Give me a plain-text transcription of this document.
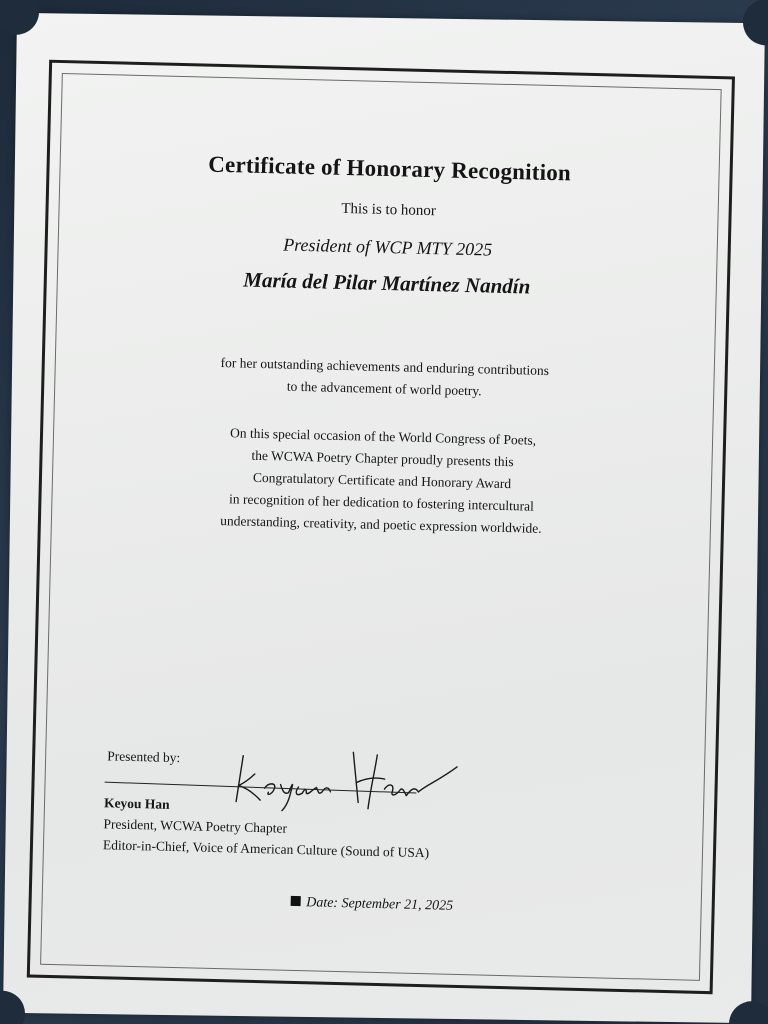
Certificate of Honorary Recognition
This is to honor
President of WCP MTY 2025
María del Pilar Martínez Nandín
for her outstanding achievements and enduring contributions
to the advancement of world poetry.
On this special occasion of the World Congress of Poets,
the WCWA Poetry Chapter proudly presents this
Congratulatory Certificate and Honorary Award
in recognition of her dedication to fostering intercultural
understanding, creativity, and poetic expression worldwide.
Presented by:
Keyou Han
President, WCWA Poetry Chapter
Editor-in-Chief, Voice of American Culture (Sound of USA)
Date: September 21, 2025
